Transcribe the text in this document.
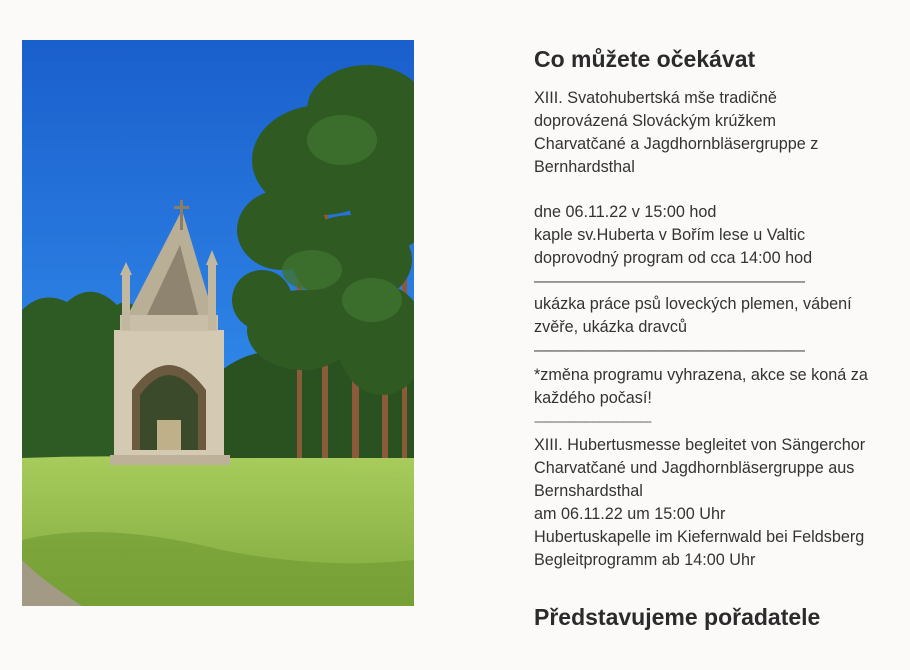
Co můžete očekávat

XIII. Svatohubertská mše tradičně

doprovázená Slováckým krúžkem

Charvatčané a Jagdhornbläsergruppe z

Bernhardsthal

dne 06.11.22 v 15:00 hod

kaple sv.Huberta v Bořím lese u Valtic

doprovodný program od cca 14:00 hod

——————————————————

ukázka práce psů loveckých plemen, vábení

zvěře, ukázka dravců

——————————————————

*změna programu vyhrazena, akce se koná za

každého počasí!

---------------------------------------

XIII. Hubertusmesse begleitet von Sängerchor

Charvatčané und Jagdhornbläsergruppe aus

Bernshardsthal

am 06.11.22 um 15:00 Uhr

Hubertuskapelle im Kiefernwald bei Feldsberg

Begleitprogramm ab 14:00 Uhr

Představujeme pořadatele
